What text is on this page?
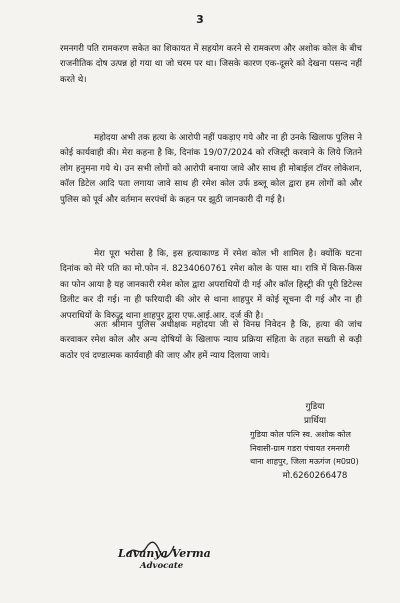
3
रमनगरी पति रामकरण सकेत का शिकायत में सहयोग करने से रामकरण और अशोक कोल के बीच राजनीतिक दोष उत्पन्न हो गया था जो चरम पर था। जिसके कारण एक-दूसरे को देखना पसन्द नहीं करते थे।
महोदया अभी तक हत्या के आरोपी नहीं पकड़ाए गये और ना ही उनके खिलाफ पुलिस ने कोई कार्यवाही की। मेरा कहना है कि, दिनांक 19/07/2024 को रजिस्ट्री करवाने के लिये जितने लोग हनुमना गये थे। उन सभी लोगों को आरोपी बनाया जावे और साथ ही मोबाईल टॉवर लोकेशन, कॉल डिटेल आदि पता लगाया जावे साथ ही रमेश कोल उर्फ डब्लू कोल द्वारा हम लोगों को और पुलिस को पूर्व और वर्तमान सरपंचों के कहन पर झूठी जानकारी दी गई है।
मेरा पूरा भरोसा है कि, इस हत्याकाण्ड में रमेश कोल भी शामिल है। क्योंकि घटना दिनांक को मेरे पति का मो.फोन नं. 8234060761 रमेश कोल के पास था। रात्रि में किस-किस का फोन आया है यह जानकारी रमेश कोल द्वारा अपराधियों दी गई और कॉल हिस्ट्री की पूरी डिटेल्स डिलीट कर दी गई। ना ही फरियादी की ओर से थाना शाहपुर में कोई सूचना दी गई और ना ही अपराधियों के विरुद्ध थाना शाहपुर द्वारा एफ.आई.आर. दर्ज की है।
अतः श्रीमान पुलिस अधीक्षक महोदया जी से विनम्र निवेदन है कि, हत्या की जांच करवाकर रमेश कोल और अन्य दोषियों के खिलाफ न्याय प्रक्रिया संहिता के तहत सख्ती से कड़ी कठोर एवं दण्डात्मक कार्यवाही की जाए और हमें न्याय दिलाया जाये।
गुडिया
प्रार्थिया
गुडिया कोल पत्नि स्व. अशोक कोल
निवासी-ग्राम गडरा पंचायत रमनगरी
थाना शाहपुर, जिला मऊगंज (म0प्र0)
मो.6260266478
Lavanya Verma
Advocate
